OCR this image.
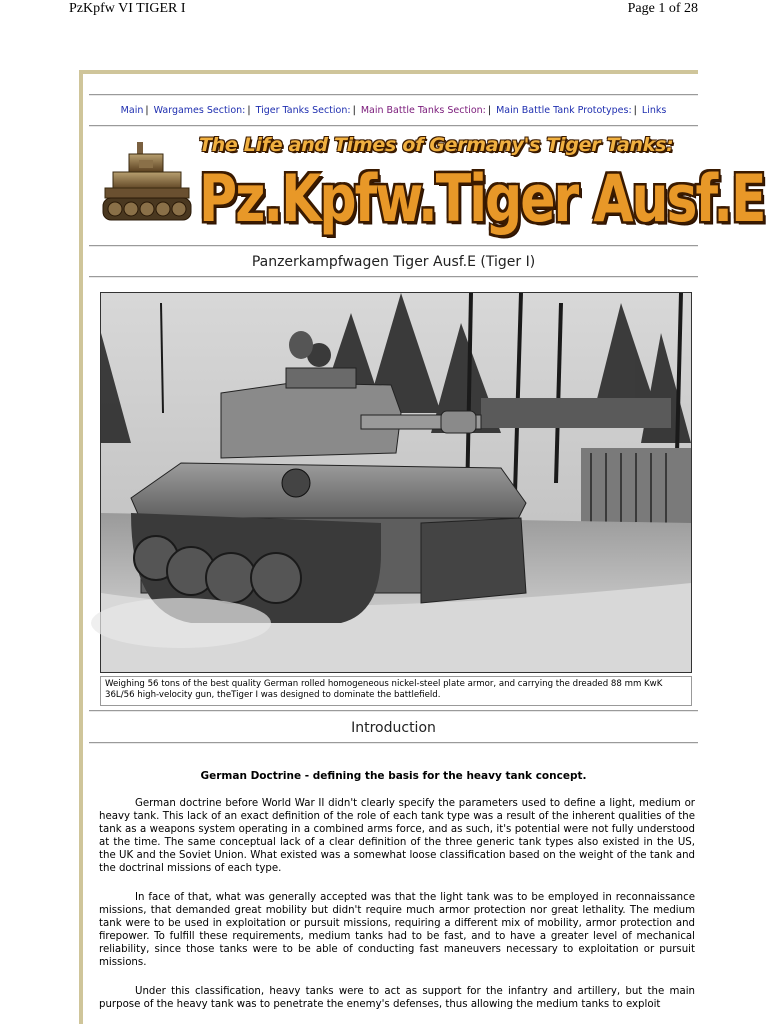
PzKpfw VI TIGER I	Page 1 of 28
Main | Wargames Section: | Tiger Tanks Section: | Main Battle Tanks Section: | Main Battle Tank Prototypes: | Links
The Life and Times of Germany's Tiger Tanks:
Pz.Kpfw.Tiger Ausf.E
Panzerkampfwagen Tiger Ausf.E (Tiger I)
Weighing 56 tons of the best quality German rolled homogeneous nickel-steel plate armor, and carrying the dreaded 88 mm KwK 36L/56 high-velocity gun, theTiger I was designed to dominate the battlefield.
Introduction
German Doctrine - defining the basis for the heavy tank concept.

German doctrine before World War II didn't clearly specify the parameters used to define a light, medium or heavy tank. This lack of an exact definition of the role of each tank type was a result of the inherent qualities of the tank as a weapons system operating in a combined arms force, and as such, it's potential were not fully understood at the time. The same conceptual lack of a clear definition of the three generic tank types also existed in the US, the UK and the Soviet Union. What existed was a somewhat loose classification based on the weight of the tank and the doctrinal missions of each type.

In face of that, what was generally accepted was that the light tank was to be employed in reconnaissance missions, that demanded great mobility but didn't require much armor protection nor great lethality. The medium tank were to be used in exploitation or pursuit missions, requiring a different mix of mobility, armor protection and firepower. To fulfill these requirements, medium tanks had to be fast, and to have a greater level of mechanical reliability, since those tanks were to be able of conducting fast maneuvers necessary to exploitation or pursuit missions.

Under this classification, heavy tanks were to act as support for the infantry and artillery, but the main purpose of the heavy tank was to penetrate the enemy's defenses, thus allowing the medium tanks to exploit
